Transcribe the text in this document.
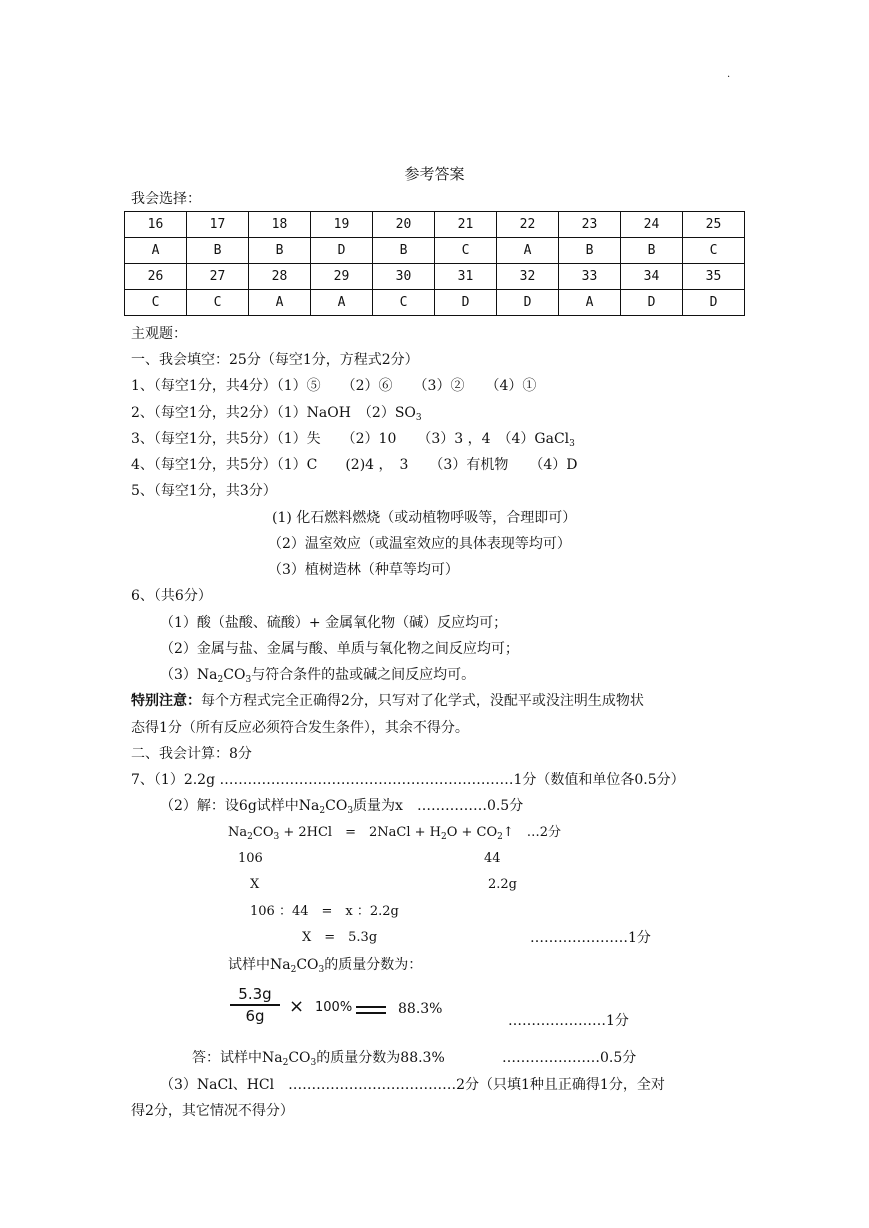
.
参考答案
我会选择：
16	17	18	19	20	21	22	23	24	25
A	B	B	D	B	C	A	B	B	C
26	27	28	29	30	31	32	33	34	35
C	C	A	A	C	D	D	A	D	D
主观题：
一、我会填空：25分（每空1分，方程式2分）
1、（每空1分，共4分）（1）⑤　　（2）⑥　　（3）②　　（4）①
2、（每空1分，共2分）（1）NaOH　$(2)SO_3$
3、（每空1分，共5分）（1）失　　（2）10　　（3）3 ，4　（4）GaCl$_3$
4、（每空1分，共5分）（1）C　　(2)4 ，　3　　（3）有机物　　（4）D
5、（每空1分，共3分）
(1) 化石燃料燃烧（或动植物呼吸等，合理即可）
（2）温室效应（或温室效应的具体表现等均可）
（3）植树造林（种草等均可）
6、（共6分）
（1）酸（盐酸、硫酸）+ 金属氧化物（碱）反应均可；
（2）金属与盐、金属与酸、单质与氧化物之间反应均可；
$(3)Na_2CO_3$与符合条件的盐或碱之间反应均可。
特别注意：每个方程式完全正确得2分，只写对了化学式，没配平或没注明生成物状
态得1分（所有反应必须符合发生条件），其余不得分。
二、我会计算：8分
7、（1）2.2g ………………………………………………………1分（数值和单位各0.5分）
（2）解：设6g试样中$Na_2CO_3$质量为x　……………0.5分
$Na_2CO_3 + 2HCl$　=　2NaCl + $H_2O$ + $CO_2↑$　…2分
106	44
X	2.2g
106 ：44　=　x ：2.2g
X　=　5.3g	…………………1分
试样中$Na_2CO_3$的质量分数为：
5.3g
6g	× 100%	88.3%
…………………1分
答：试样中$Na_2CO_3$的质量分数为88.3%	…………………0.5分
（3）NaCl、HCl　………………………………2分（只填1种且正确得1分，全对
得2分，其它情况不得分）
